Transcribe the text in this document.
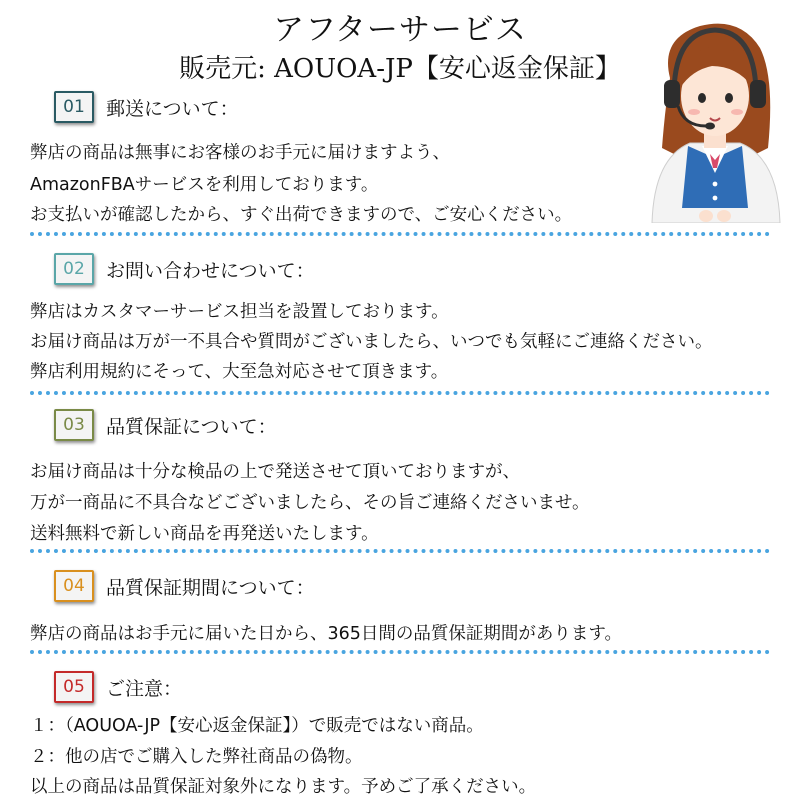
アフターサービス
販売元: AOUOA-JP【安心返金保証】
01	郵送について：
弊店の商品は無事にお客様のお手元に届けますよう、
AmazonFBAサービスを利用しております。
お支払いが確認したから、すぐ出荷できますので、ご安心ください。
02	お問い合わせについて：
弊店はカスタマーサービス担当を設置しております。
お届け商品は万が一不具合や質問がございましたら、いつでも気軽にご連絡ください。
弊店利用規約にそって、大至急対応させて頂きます。
03	品質保証について：
お届け商品は十分な検品の上で発送させて頂いておりますが、
万が一商品に不具合などございましたら、その旨ご連絡くださいませ。
送料無料で新しい商品を再発送いたします。
04	品質保証期間について：
弊店の商品はお手元に届いた日から、365日間の品質保証期間があります。
05	ご注意：
１：（AOUOA-JP【安心返金保証】）で販売ではない商品。
２：他の店でご購入した弊社商品の偽物。
以上の商品は品質保証対象外になります。予めご了承ください。
